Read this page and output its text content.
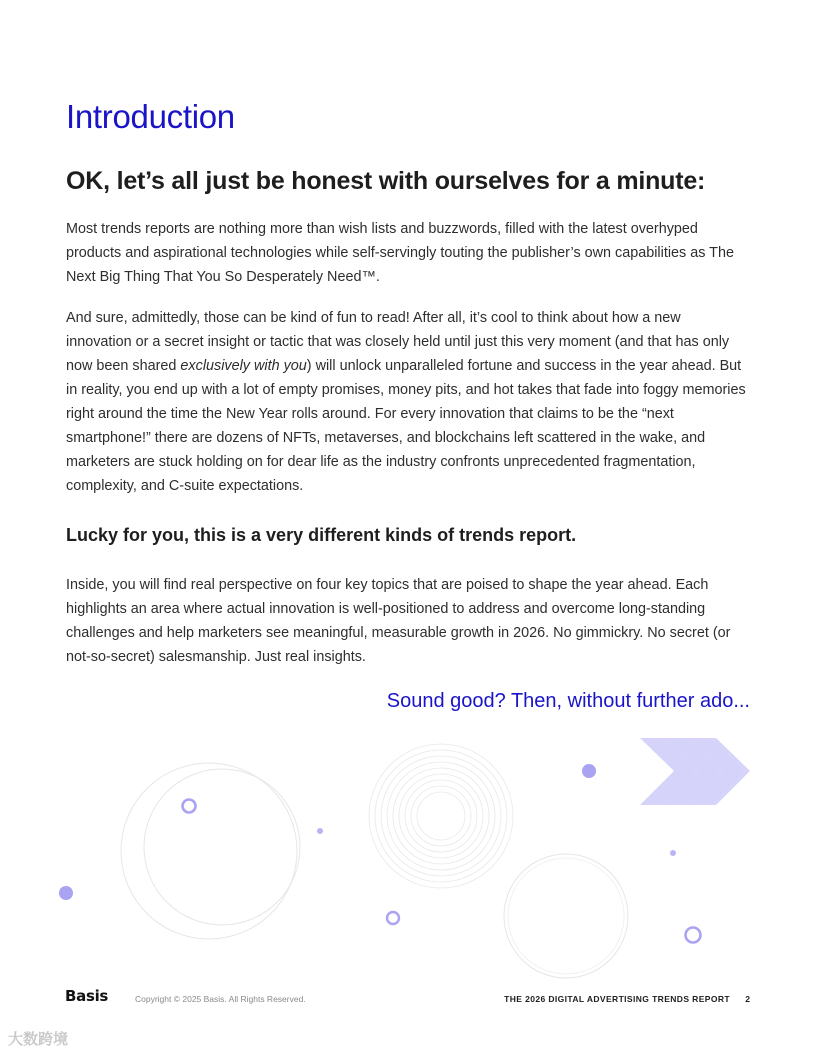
Introduction
OK, let’s all just be honest with ourselves for a minute:

Most trends reports are nothing more than wish lists and buzzwords, filled with the latest overhyped products and aspirational technologies while self-servingly touting the publisher’s own capabilities as The Next Big Thing That You So Desperately Need™.

And sure, admittedly, those can be kind of fun to read! After all, it’s cool to think about how a new innovation or a secret insight or tactic that was closely held until just this very moment (and that has only now been shared exclusively with you) will unlock unparalleled fortune and success in the year ahead. But in reality, you end up with a lot of empty promises, money pits, and hot takes that fade into foggy memories right around the time the New Year rolls around. For every innovation that claims to be the “next smartphone!” there are dozens of NFTs, metaverses, and blockchains left scattered in the wake, and marketers are stuck holding on for dear life as the industry confronts unprecedented fragmentation, complexity, and C-suite expectations.

Lucky for you, this is a very different kinds of trends report.

Inside, you will find real perspective on four key topics that are poised to shape the year ahead. Each highlights an area where actual innovation is well-positioned to address and overcome long-standing challenges and help marketers see meaningful, measurable growth in 2026. No gimmickry. No secret (or not-so-secret) salesmanship. Just real insights.

Sound good? Then, without further ado...
Basis	Copyright © 2025 Basis. All Rights Reserved.	THE 2026 DIGITAL ADVERTISING TRENDS REPORT 2
大数跨境
